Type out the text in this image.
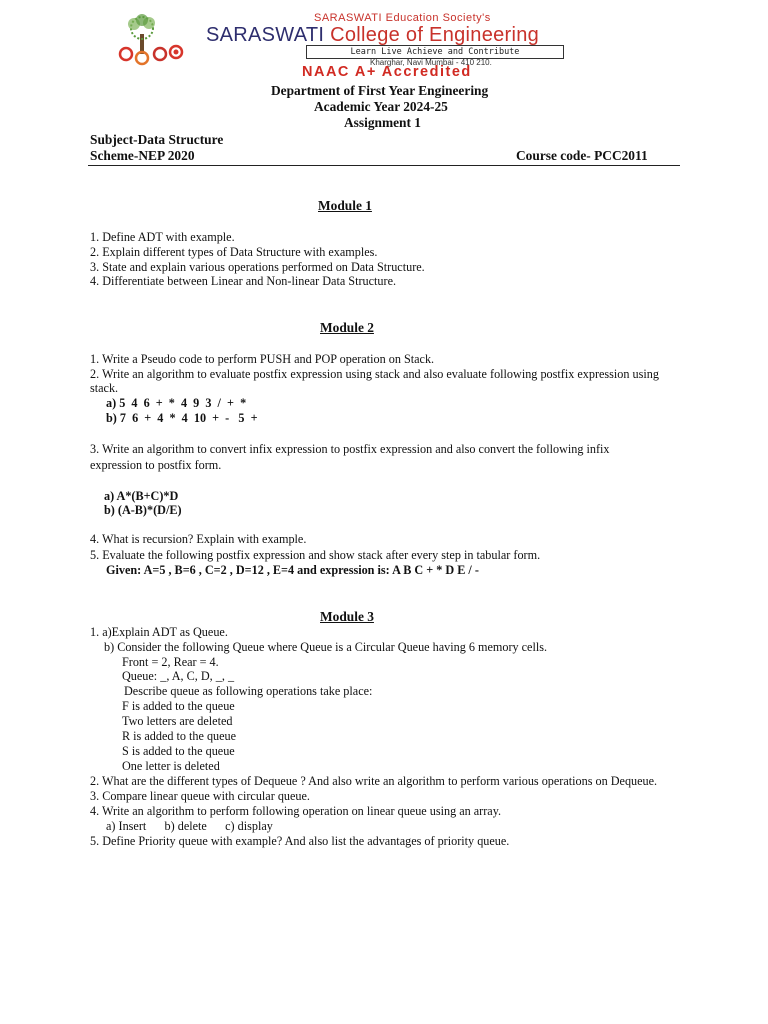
SARASWATI Education Society's
SARASWATI College of Engineering
Learn Live Achieve and Contribute
Kharghar, Navi Mumbai - 410 210.
NAAC A+ Accredited
Department of First Year Engineering
Academic Year 2024-25
Assignment 1
Subject-Data Structure
Scheme-NEP 2020	Course code- PCC2011
Module 1
1. Define ADT with example.
2. Explain different types of Data Structure with examples.
3. State and explain various operations performed on Data Structure.
4. Differentiate between Linear and Non-linear Data Structure.
Module 2
1. Write a Pseudo code to perform PUSH and POP operation on Stack.
2. Write an algorithm to evaluate postfix expression using stack and also evaluate following postfix expression using
stack.
a) 5  4  6  +  *  4  9  3  /  +  *
b) 7  6  +  4  *  4  10  +  -   5  +
3. Write an algorithm to convert infix expression to postfix expression and also convert the following infix
expression to postfix form.
a) A*(B+C)*D
b) (A-B)*(D/E)
4. What is recursion? Explain with example.
5. Evaluate the following postfix expression and show stack after every step in tabular form.
Given: A=5 , B=6 , C=2 , D=12 , E=4 and expression is: A B C + * D E / -
Module 3
1. a)Explain ADT as Queue.
b) Consider the following Queue where Queue is a Circular Queue having 6 memory cells.
Front = 2, Rear = 4.
Queue: _, A, C, D, _, _
Describe queue as following operations take place:
F is added to the queue
Two letters are deleted
R is added to the queue
S is added to the queue
One letter is deleted
2. What are the different types of Dequeue ? And also write an algorithm to perform various operations on Dequeue.
3. Compare linear queue with circular queue.
4. Write an algorithm to perform following operation on linear queue using an array.
a) Insert      b) delete      c) display
5. Define Priority queue with example? And also list the advantages of priority queue.
